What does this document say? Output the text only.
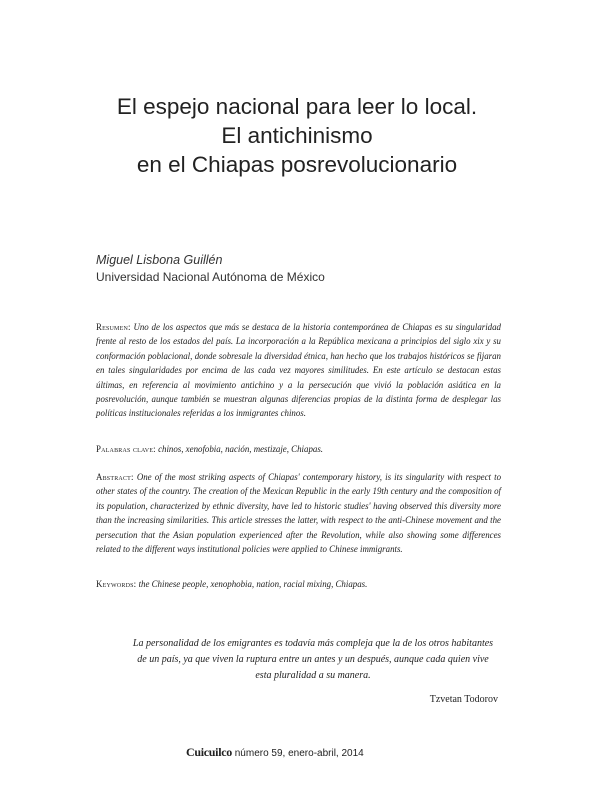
El espejo nacional para leer lo local.
El antichinismo
en el Chiapas posrevolucionario
Miguel Lisbona Guillén
Universidad Nacional Autónoma de México
Resumen: Uno de los aspectos que más se destaca de la historia contemporánea de Chiapas es su singularidad frente al resto de los estados del país. La incorporación a la República mexicana a principios del siglo xix y su conformación poblacional, donde sobresale la diversidad étnica, han hecho que los trabajos históricos se fijaran en tales singularidades por encima de las cada vez mayores similitudes. En este artículo se destacan estas últimas, en referencia al movimiento antichino y a la persecución que vivió la población asiática en la posrevolución, aunque también se muestran algunas diferencias propias de la distinta forma de desplegar las políticas institucionales referidas a los inmigrantes chinos.
Palabras clave: chinos, xenofobia, nación, mestizaje, Chiapas.
Abstract: One of the most striking aspects of Chiapas' contemporary history, is its singularity with respect to other states of the country. The creation of the Mexican Republic in the early 19th century and the composition of its population, characterized by ethnic diversity, have led to historic studies' having observed this diversity more than the increasing similarities. This article stresses the latter, with respect to the anti-Chinese movement and the persecution that the Asian population experienced after the Revolution, while also showing some differences related to the different ways institutional policies were applied to Chinese immigrants.
Keywords: the Chinese people, xenophobia, nation, racial mixing, Chiapas.
La personalidad de los emigrantes es todavía más compleja que la de los otros habitantes de un país, ya que viven la ruptura entre un antes y un después, aunque cada quien vive esta pluralidad a su manera.
Tzvetan Todorov
Cuicuilco número 59, enero-abril, 2014
